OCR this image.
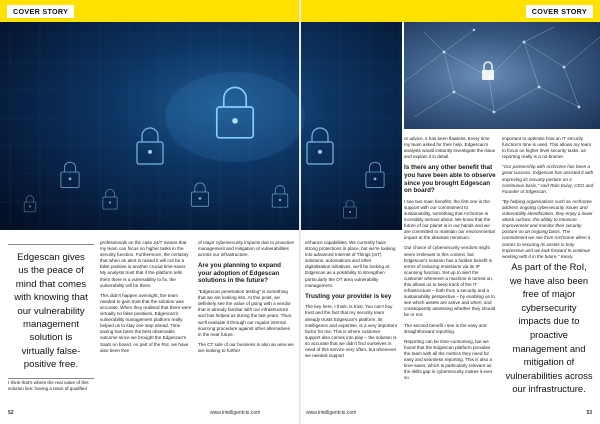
COVER STORY
Edgescan gives us the peace of mind that comes with knowing that our vulnerability management solution is virtually false-positive free.

I think that's where the real value of this solution lies; having a team of qualified

professionals on the case 24/7 means that my team can focus on higher tasks in the security function. Furthermore, the certainty that when an alert is raised it will not be a false positive is another crucial time-saver. My analysts trust that if the platform tells them there is a vulnerability to fix, the vulnerability will be there.

This didn't happen overnight, the team needed to gain trust that the solution was accurate. When they realised that there were virtually no false positives, Edgescan's vulnerability management platform really helped us to stay one step ahead. Time saving has been the best observable outcome since we brought the Edgescan's SaaS on board. As part of the RoI, we have also been free

of major cybersecurity impacts due to proactive management and mitigation of vulnerabilities across our infrastructure.

Are you planning to expand your adoption of Edgescan solutions in the future?

"Edgescan penetration testing" is something that we are looking into. At this point, we definitely see the value of going with a vendor that is already familiar with our infrastructure and has helped us during the last years. Thus, we'll evaluate it through our regular internal sourcing procedure against other alternatives in the near future.

The CT side of our business is also an area we are looking to further

52
COVER STORY

or advice, it has been flawless. Every time my team asked for their help, Edgescan's analysts would instantly investigate the issue and explain it in detail.

Is there any other benefit that you have been able to observe since you brought Edgescan on board?

I see two main benefits; the first one is the support with our commitment to sustainability, something that Archrome is incredibly serious about. We know that the future of our planet is in our hands and we are committed to maintain our environmental impact at the absolute minimum.

Our choice of cybersecurity vendors might seem irrelevant in this context, but Edgescan's solution has a hidden benefit in terms of reducing emissions via its IP scanning function. Set up to alert the customer whenever a machine is turned on, this allows us to keep track of the IT infrastructure – both from a security and a sustainability perspective – by enabling us to see which assets are active and when, and consequently assessing whether they should be or not.

The second benefit I see is the easy and straightforward reporting.

Reporting can be time-consuming, but we found that the Edgescan platform provides the team with all the metrics they need for easy and seamless reporting. This is also a time-saver, which is particularly relevant as the skills gap in cybersecurity makes it ever so

important to optimise how an IT security function's time is used. This allows my team to focus on higher level security tasks, as reporting really is a no-brainer.

"Our partnership with Archrome has been a great success. Edgescan has assisted it with improving its security posture on a continuous basis," said Rain Kuivy, CEO and Founder of Edgescan.

"By helping organisations such as Archrome address ongoing cybersecurity issues and vulnerability identification, they enjoy a lower attack surface, the ability to measure improvement and monitor their security posture on an ongoing basis. The commitment we see from Archrome when it comes to securing its assets is truly impressive and we look forward to continue working with it in the future," Keary.

As part of the RoI, we have also been free of major cybersecurity impacts due to proactive management and mitigation of vulnerabilities across our infrastructure.
53
www.intelligentcio.com

enhance capabilities. We currently have strong protections in place, but we're looking into advanced Internet of Things (IoT) solutions, automations and other digitalisation initiatives, we'll be looking at Edgescan as a possibility to strengthen particularly the OT area vulnerability management.

Trusting your provider is key

The key here, I think, is trust. You can't buy trust and the fact that my security team already trusts Edgescan's platform, its intelligence and expertise, is a very important factor for me. This is where customer support also comes into play – the solution is so accurate that we didn't find ourselves in need of this service very often, but whenever we needed support

www.intelligentcio.com
